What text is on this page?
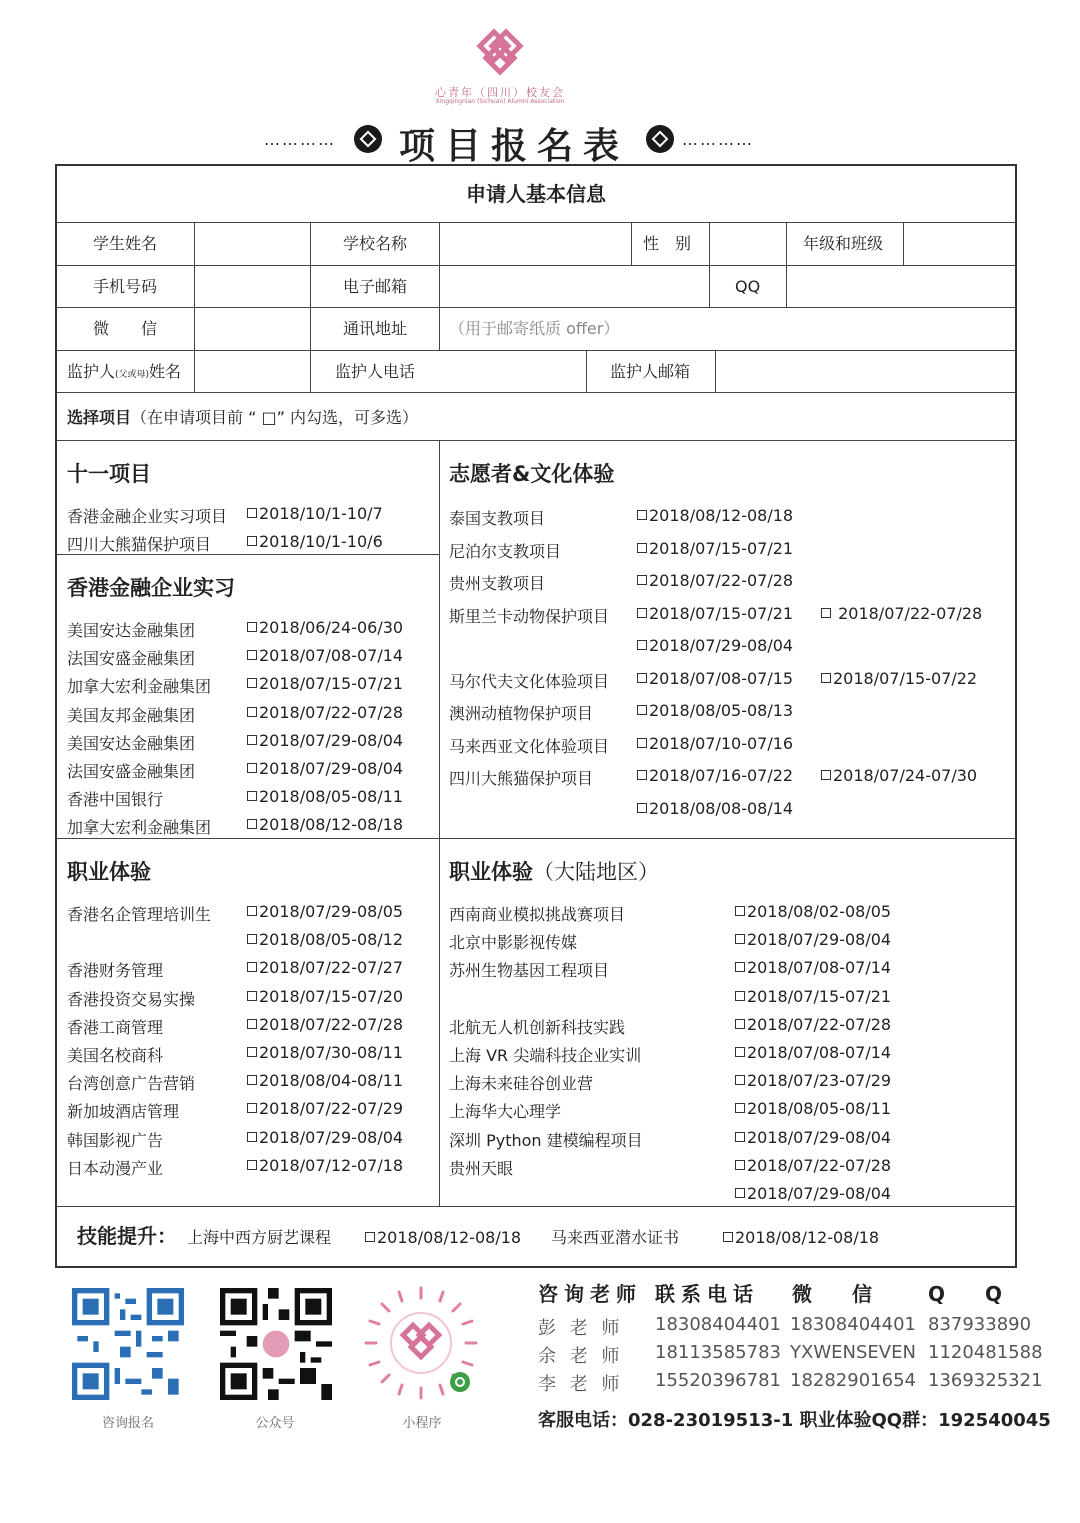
心青年（四川）校友会
Xingqingnian (Sichuan) Alumni Association
………… 项目报名表	…………
申请人基本信息
学生姓名	学校名称	性　别	年级和班级
手机号码	电子邮箱	QQ
微　　信	通讯地址	（用于邮寄纸质 offer）
监护人(父或母)姓名	监护人电话	监护人邮箱
选择项目（在申请项目前 “ □” 内勾选，可多选）
十一项目
香港金融企业实习项目	2018/10/1-10/7
四川大熊猫保护项目	2018/10/1-10/6
香港金融企业实习
美国安达金融集团	2018/06/24-06/30
法国安盛金融集团	2018/07/08-07/14
加拿大宏利金融集团	2018/07/15-07/21
美国友邦金融集团	2018/07/22-07/28
美国安达金融集团	2018/07/29-08/04
法国安盛金融集团	2018/07/29-08/04
香港中国银行	2018/08/05-08/11
加拿大宏利金融集团	2018/08/12-08/18
志愿者&文化体验
泰国支教项目	2018/08/12-08/18
尼泊尔支教项目	2018/07/15-07/21
贵州支教项目	2018/07/22-07/28
斯里兰卡动物保护项目	2018/07/15-07/21	2018/07/22-07/28
2018/07/29-08/04
马尔代夫文化体验项目	2018/07/08-07/15	2018/07/15-07/22
澳洲动植物保护项目	2018/08/05-08/13
马来西亚文化体验项目	2018/07/10-07/16
四川大熊猫保护项目	2018/07/16-07/22	2018/07/24-07/30
2018/08/08-08/14
职业体验
香港名企管理培训生	2018/07/29-08/05
2018/08/05-08/12
香港财务管理	2018/07/22-07/27
香港投资交易实操	2018/07/15-07/20
香港工商管理	2018/07/22-07/28
美国名校商科	2018/07/30-08/11
台湾创意广告营销	2018/08/04-08/11
新加坡酒店管理	2018/07/22-07/29
韩国影视广告	2018/07/29-08/04
日本动漫产业	2018/07/12-07/18
职业体验（大陆地区）
西南商业模拟挑战赛项目	2018/08/02-08/05
北京中影影视传媒	2018/07/29-08/04
苏州生物基因工程项目	2018/07/08-07/14
2018/07/15-07/21
北航无人机创新科技实践	2018/07/22-07/28
上海 VR 尖端科技企业实训	2018/07/08-07/14
上海未来硅谷创业营	2018/07/23-07/29
上海华大心理学	2018/08/05-08/11
深圳 Python 建模编程项目	2018/07/29-08/04
贵州天眼	2018/07/22-07/28
2018/07/29-08/04
技能提升： 上海中西方厨艺课程	2018/08/12-08/18 马来西亚潜水证书	2018/08/12-08/18
咨询报名	公众号	小程序
咨询老师 联系电话 微　　信	Q　　Q
彭 老 师 18308404401 18308404401 837933890
余 老 师 18113585783 YXWENSEVEN 1120481588
李 老 师 15520396781 18282901654 1369325321
客服电话：028-23019513-1 职业体验QQ群：192540045
